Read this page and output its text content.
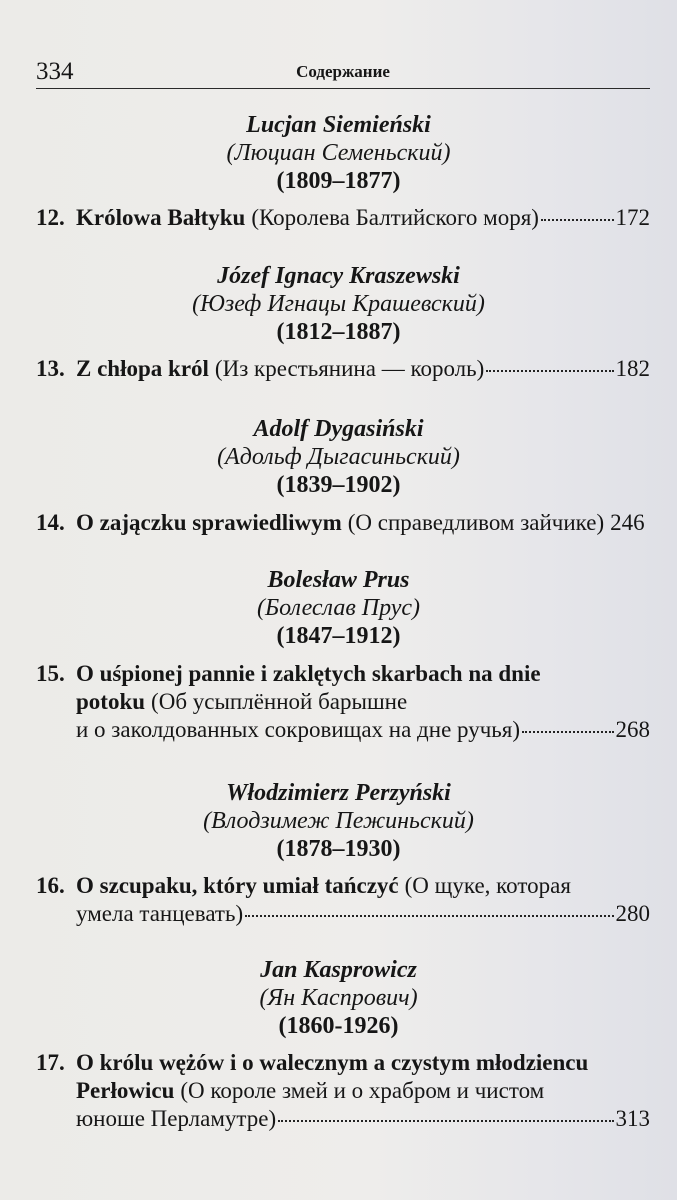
334	Содержание
Lucjan Siemieński
(Люциан Семеньский)
(1809–1877)
12. Królowa Bałtyku (Королева Балтийского моря)	172
Józef Ignacy Kraszewski
(Юзеф Игнацы Крашевский)
(1812–1887)
13. Z chłopa król (Из крестьянина — король)	182
Adolf Dygasiński
(Адольф Дыгасиньский)
(1839–1902)
14. O zajączku sprawiedliwym (О справедливом зайчике) 246
Bolesław Prus
(Болеслав Прус)
(1847–1912)
15. O uśpionej pannie i zaklętych skarbach na dnie
potoku (Об усыплённой барышне
и о заколдованных сокровищах на дне ручья)	268
Włodzimierz Perzyński
(Влодзимеж Пежиньский)
(1878–1930)
16. O szcupaku, który umiał tańczyć (О щуке, которая
умела танцевать)	280
Jan Kasprowicz
(Ян Каспрович)
(1860-1926)
17. O królu wężów i o walecznym a czystym młodziencu
Perłowicu (О короле змей и о храбром и чистом
юноше Перламутре)	313
